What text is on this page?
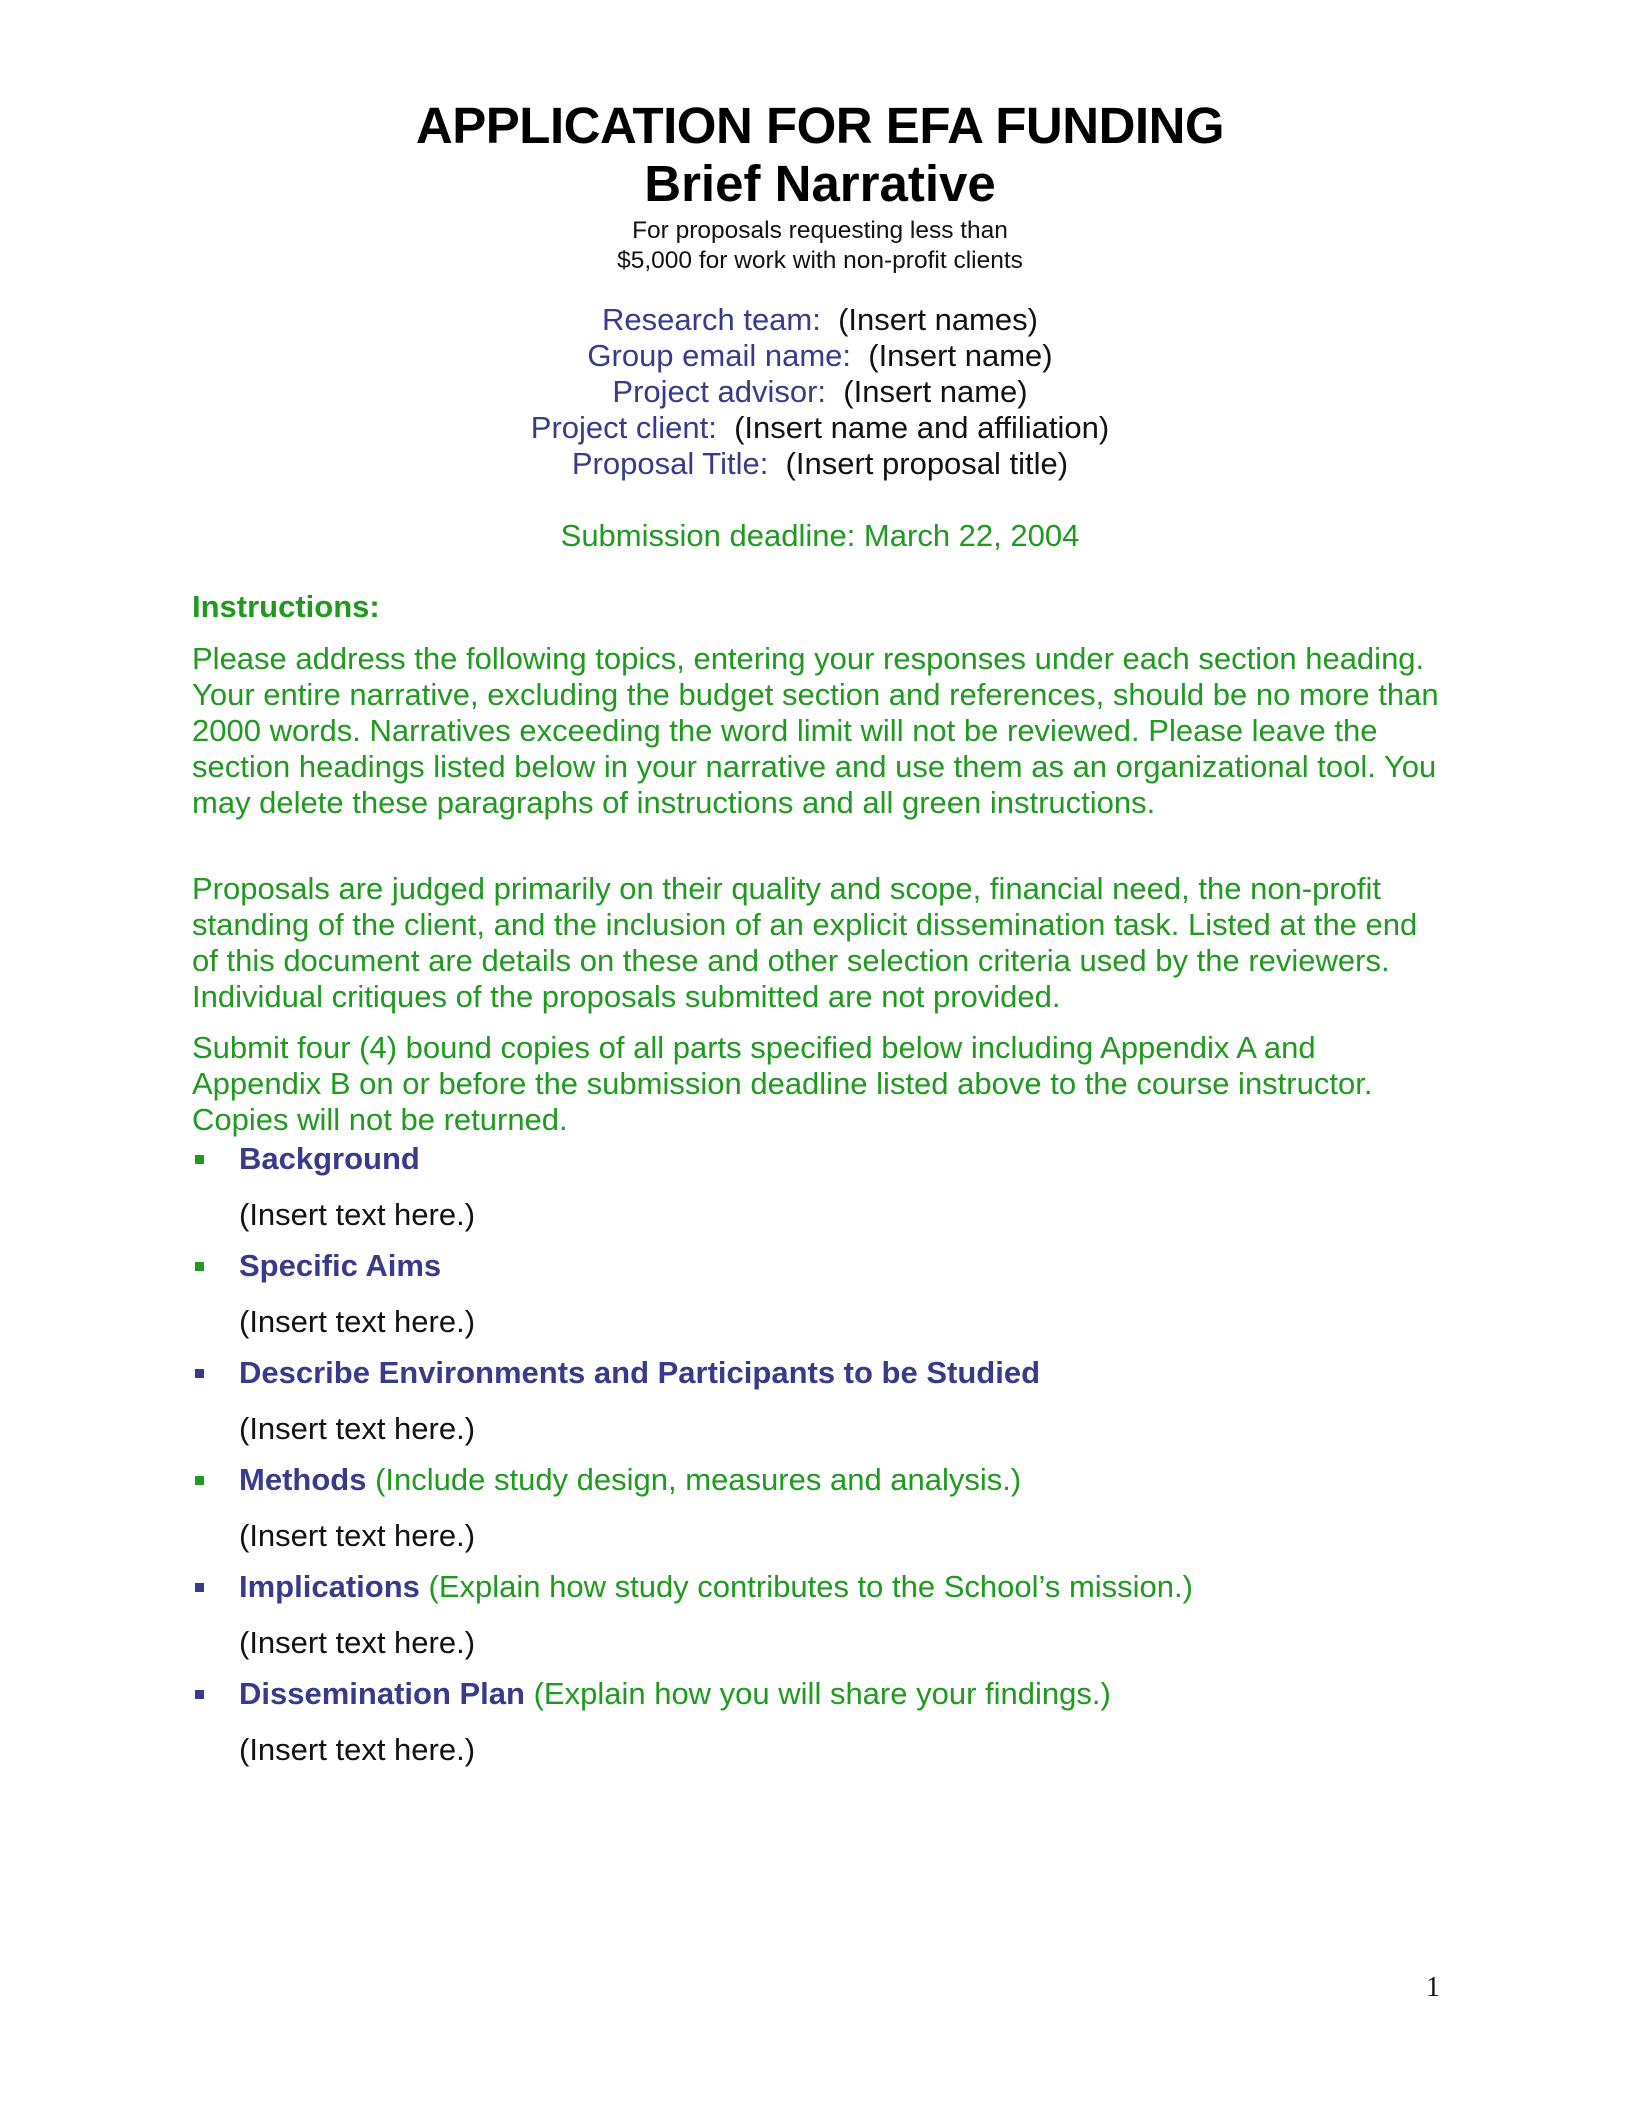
APPLICATION FOR EFA FUNDING
Brief Narrative
For proposals requesting less than
$5,000 for work with non-profit clients
Research team: (Insert names)
Group email name: (Insert name)
Project advisor: (Insert name)
Project client: (Insert name and affiliation)
Proposal Title: (Insert proposal title)
Submission deadline: March 22, 2004
Instructions:

Please address the following topics, entering your responses under each section heading. Your entire narrative, excluding the budget section and references, should be no more than 2000 words. Narratives exceeding the word limit will not be reviewed. Please leave the section headings listed below in your narrative and use them as an organizational tool. You may delete these paragraphs of instructions and all green instructions.

Proposals are judged primarily on their quality and scope, financial need, the non-profit standing of the client, and the inclusion of an explicit dissemination task. Listed at the end of this document are details on these and other selection criteria used by the reviewers. Individual critiques of the proposals submitted are not provided.

Submit four (4) bound copies of all parts specified below including Appendix A and Appendix B on or before the submission deadline listed above to the course instructor. Copies will not be returned.

Background
(Insert text here.)
Specific Aims
(Insert text here.)
Describe Environments and Participants to be Studied
(Insert text here.)
Methods (Include study design, measures and analysis.)
(Insert text here.)
Implications (Explain how study contributes to the School’s mission.)
(Insert text here.)
Dissemination Plan (Explain how you will share your findings.)
(Insert text here.)
1
